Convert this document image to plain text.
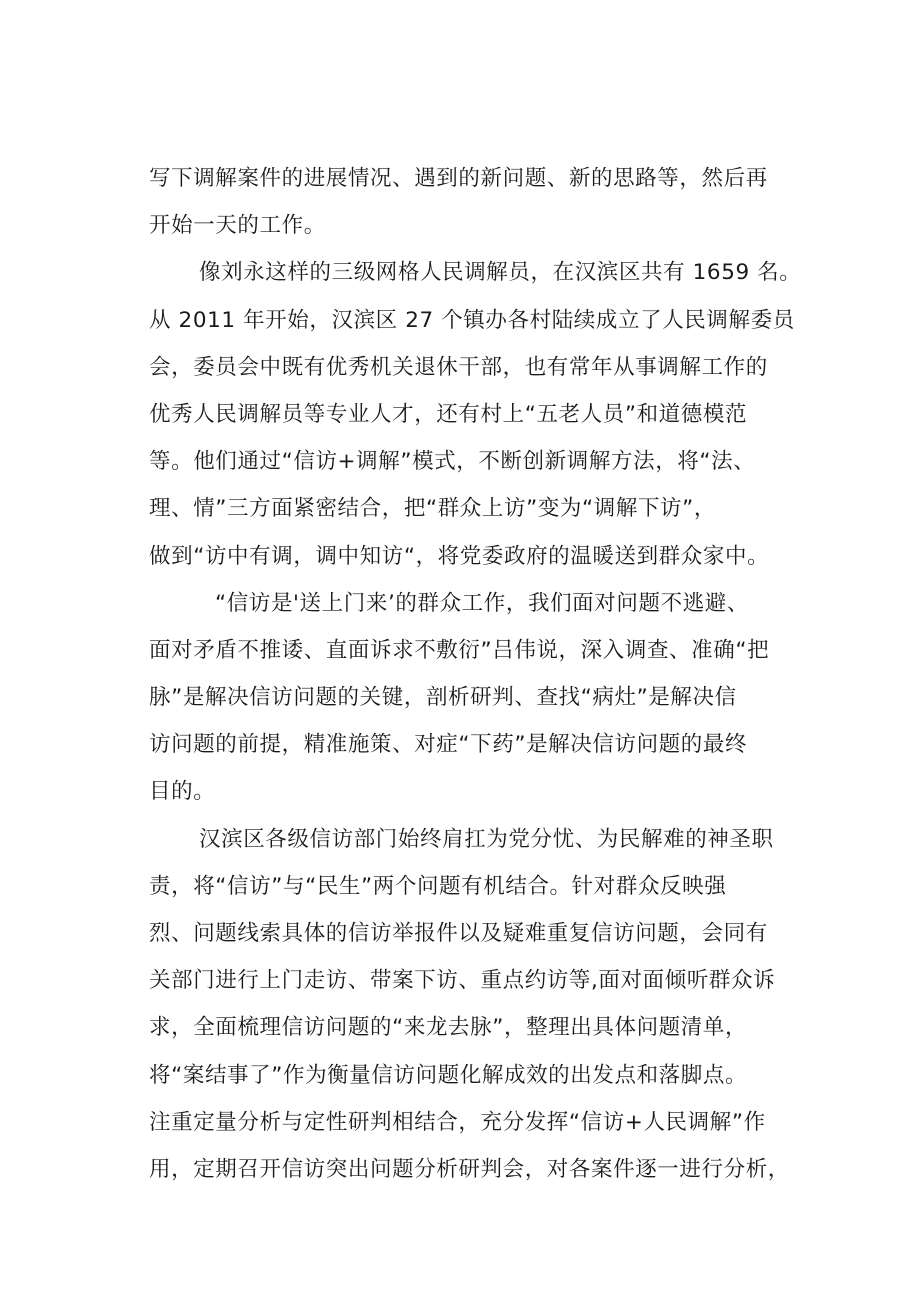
写下调解案件的进展情况、遇到的新问题、新的思路等，然后再
开始一天的工作。
像刘永这样的三级网格人民调解员，在汉滨区共有 1659 名。
从 2011 年开始，汉滨区 27 个镇办各村陆续成立了人民调解委员
会，委员会中既有优秀机关退休干部，也有常年从事调解工作的
优秀人民调解员等专业人才，还有村上“五老人员”和道德模范
等。他们通过“信访+调解”模式，不断创新调解方法，将“法、
理、情”三方面紧密结合，把“群众上访”变为“调解下访”，
做到“访中有调，调中知访“，将党委政府的温暖送到群众家中。
“信访是'送上门来’的群众工作，我们面对问题不逃避、
面对矛盾不推诿、直面诉求不敷衍”吕伟说，深入调查、准确“把
脉”是解决信访问题的关键，剖析研判、查找“病灶”是解决信
访问题的前提，精准施策、对症“下药”是解决信访问题的最终
目的。
汉滨区各级信访部门始终肩扛为党分忧、为民解难的神圣职
责，将“信访”与“民生”两个问题有机结合。针对群众反映强
烈、问题线索具体的信访举报件以及疑难重复信访问题，会同有
关部门进行上门走访、带案下访、重点约访等,面对面倾听群众诉
求，全面梳理信访问题的“来龙去脉”，整理出具体问题清单，
将“案结事了”作为衡量信访问题化解成效的出发点和落脚点。
注重定量分析与定性研判相结合，充分发挥“信访+人民调解”作
用，定期召开信访突出问题分析研判会，对各案件逐一进行分析，
